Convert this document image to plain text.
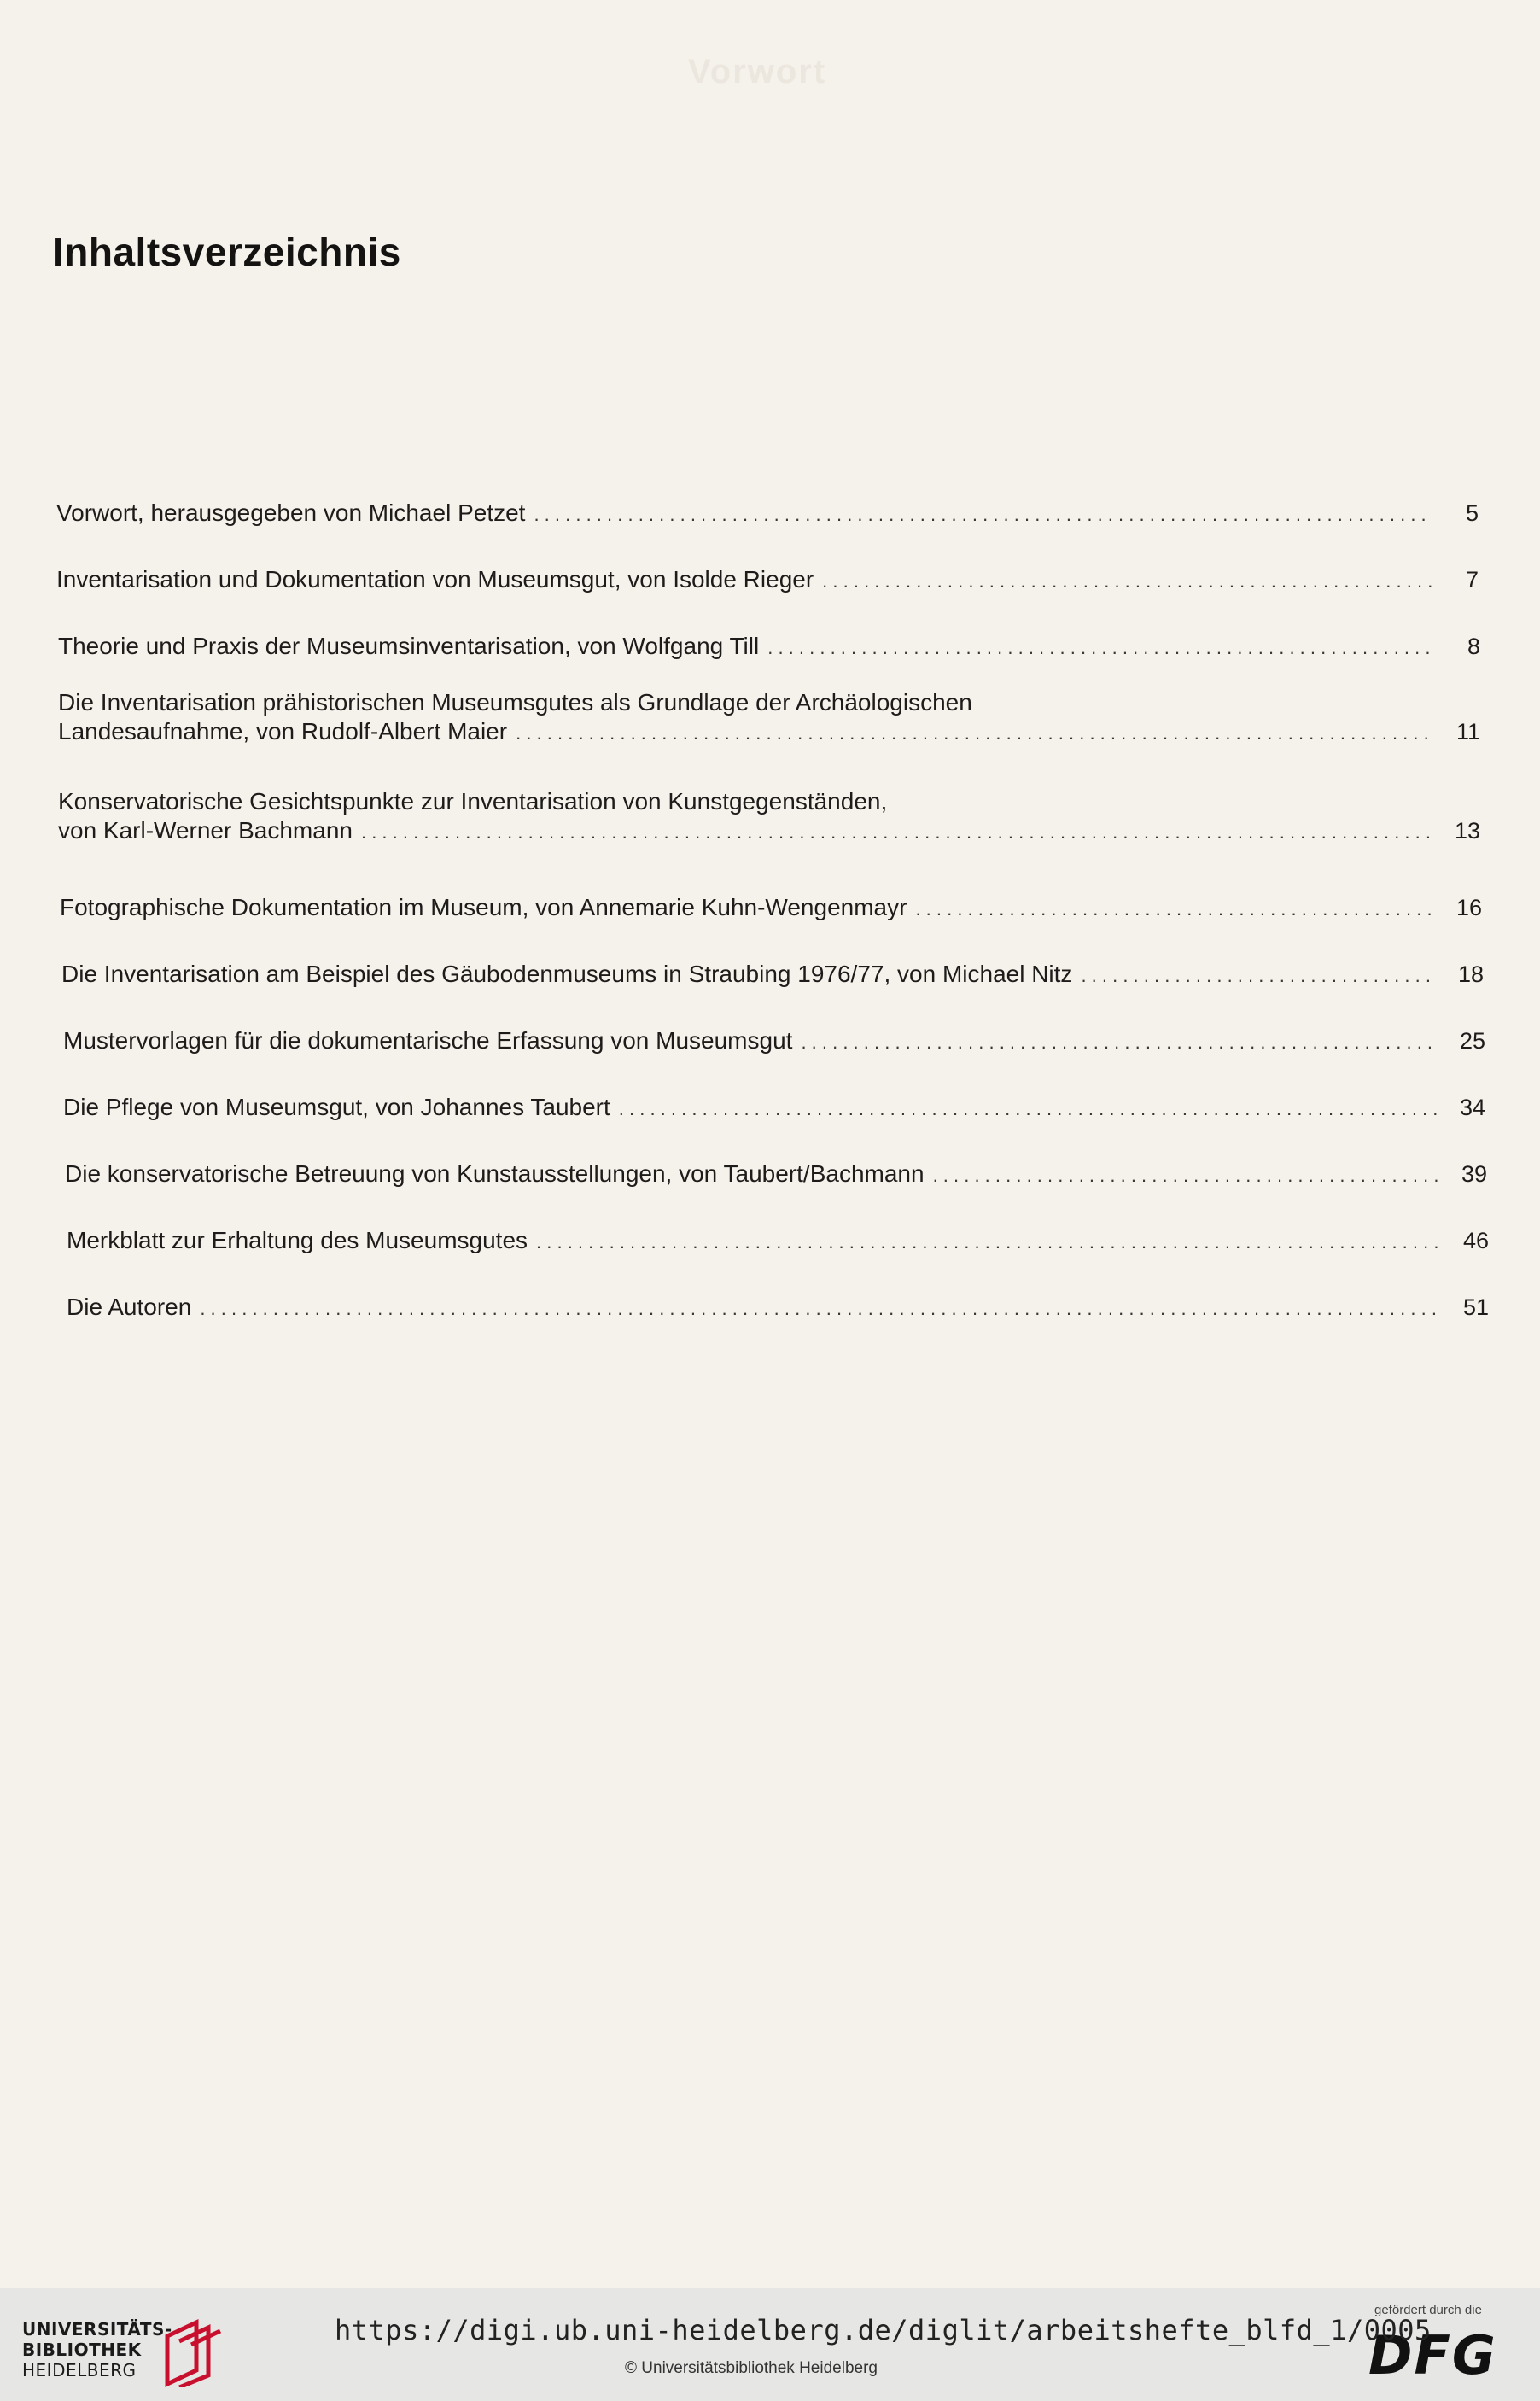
Vorwort
Inhaltsverzeichnis
Vorwort, herausgegeben von Michael Petzet . . .	5
Inventarisation und Dokumentation von Museumsgut, von Isolde Rieger . . .	7
Theorie und Praxis der Museumsinventarisation, von Wolfgang Till . . .	8
Die Inventarisation prähistorischen Museumsgutes als Grundlage der Archäologischen
Landesaufnahme, von Rudolf-Albert Maier . . .	11
Konservatorische Gesichtspunkte zur Inventarisation von Kunstgegenständen,
von Karl-Werner Bachmann . . .	13
Fotographische Dokumentation im Museum, von Annemarie Kuhn-Wengenmayr . . .	16
Die Inventarisation am Beispiel des Gäubodenmuseums in Straubing 1976/77, von Michael Nitz . . .	18
Mustervorlagen für die dokumentarische Erfassung von Museumsgut . . .	25
Die Pflege von Museumsgut, von Johannes Taubert . . .	34
Die konservatorische Betreuung von Kunstausstellungen, von Taubert/Bachmann . . .	39
Merkblatt zur Erhaltung des Museumsgutes . . .	46
Die Autoren . . .	51
UNIVERSITÄTS-
BIBLIOTHEK
HEIDELBERG
gefördert durch die
DFG
https://digi.ub.uni-heidelberg.de/diglit/arbeitshefte_blfd_1/0005
© Universitätsbibliothek Heidelberg
